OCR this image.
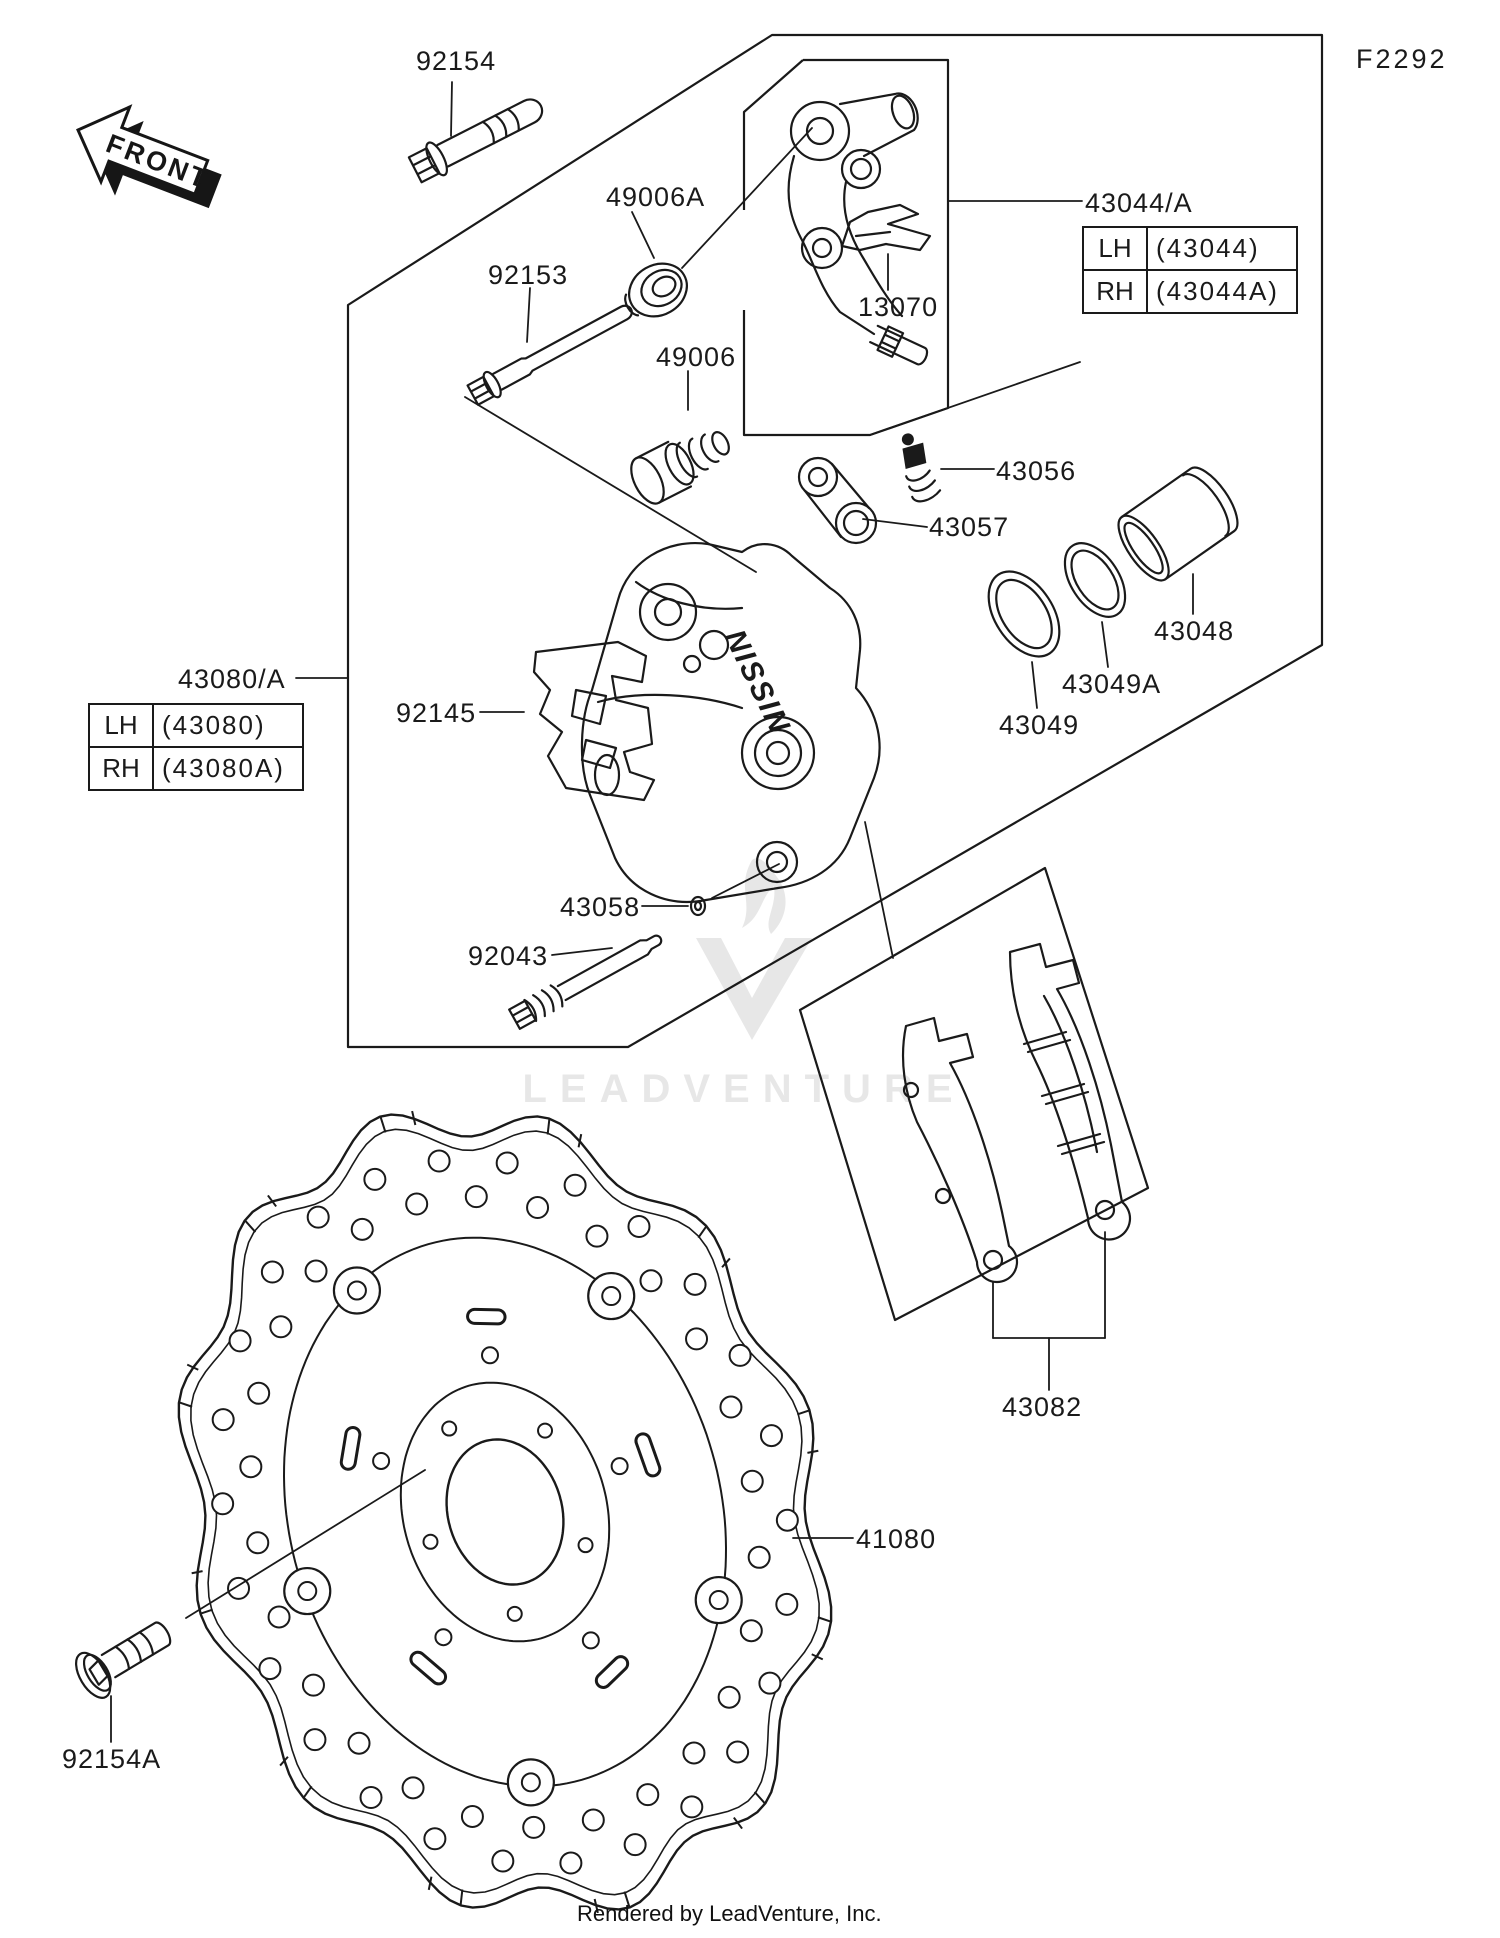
LEADVENTURE
NISSIN
FRONT
F2292
LH (43044)
RH (43044A)
LH (43080)
RH (43080A)
Rendered by LeadVenture, Inc.
92154
49006A
92153
49006
43044/A
13070
43056
43057
43048
43049A
43049
43080/A
92145
43058
92043
43082
41080
92154A
